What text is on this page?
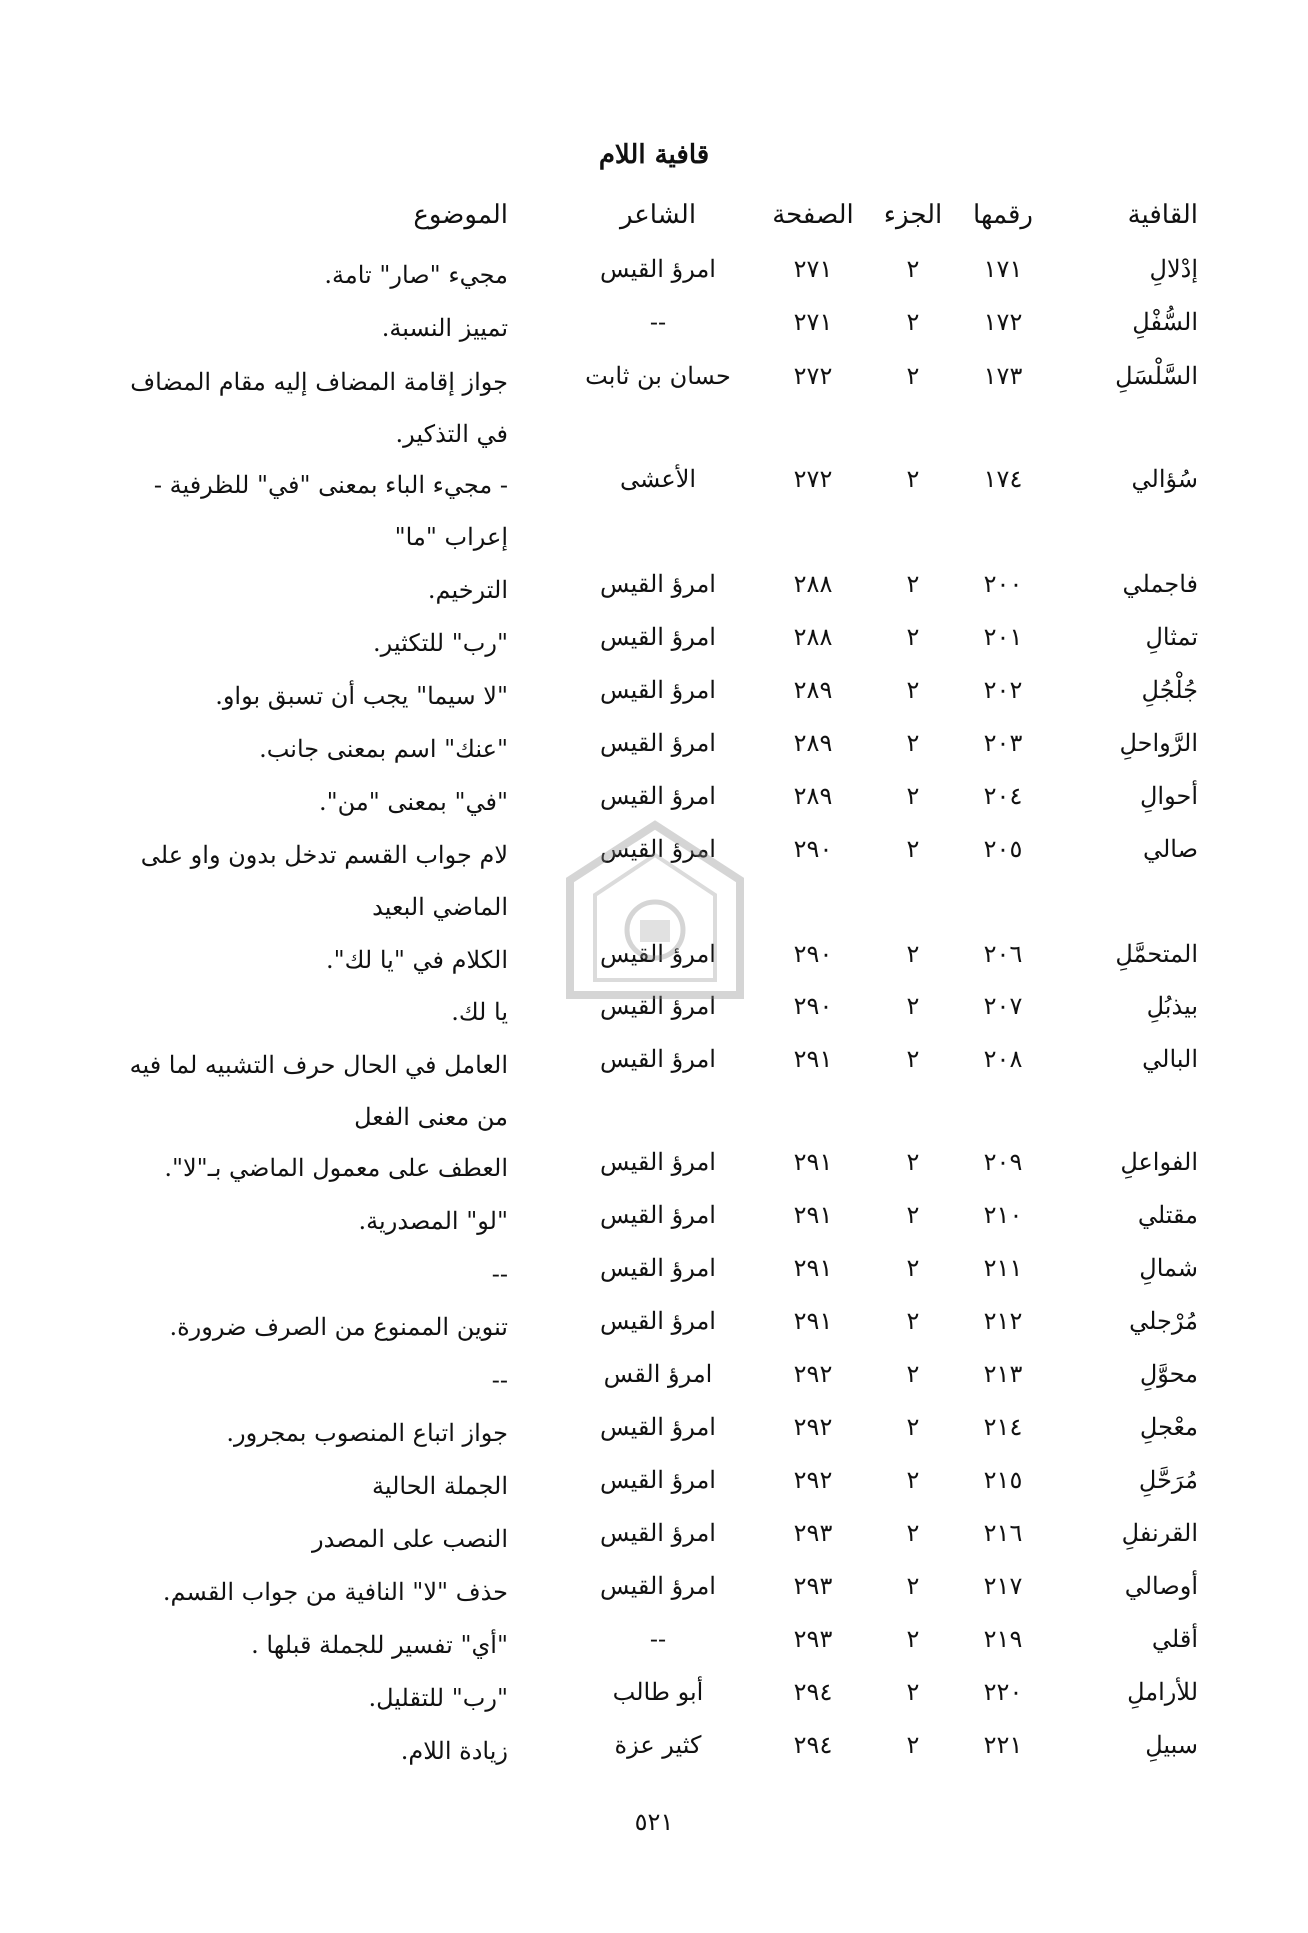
قافية اللام
القافية
رقمها
الجزء
الصفحة
الشاعر
الموضوع
إدْلالِ
١٧١
٢
٢٧١
امرؤ القيس
مجيء "صار" تامة.
السُّفْلِ
١٧٢
٢
٢٧١
--
تمييز النسبة.
السَّلْسَلِ
١٧٣
٢
٢٧٢
حسان بن ثابت
جواز إقامة المضاف إليه مقام المضاف في التذكير.
سُؤالي
١٧٤
٢
٢٧٢
الأعشى
- مجيء الباء بمعنى "في" للظرفية - إعراب "ما"
فاجملي
٢٠٠
٢
٢٨٨
امرؤ القيس
الترخيم.
تمثالِ
٢٠١
٢
٢٨٨
امرؤ القيس
"رب" للتكثير.
جُلْجُلِ
٢٠٢
٢
٢٨٩
امرؤ القيس
"لا سيما" يجب أن تسبق بواو.
الرَّواحلِ
٢٠٣
٢
٢٨٩
امرؤ القيس
"عنك" اسم بمعنى جانب.
أحوالِ
٢٠٤
٢
٢٨٩
امرؤ القيس
"في" بمعنى "من".
صالي
٢٠٥
٢
٢٩٠
امرؤ القيس
لام جواب القسم تدخل بدون واو على الماضي البعيد
المتحمَّلِ
٢٠٦
٢
٢٩٠
امرؤ القيس
الكلام في "يا لك".
بيذبُلِ
٢٠٧
٢
٢٩٠
امرؤ القيس
يا لك.
البالي
٢٠٨
٢
٢٩١
امرؤ القيس
العامل في الحال حرف التشبيه لما فيه من معنى الفعل
الفواعلِ
٢٠٩
٢
٢٩١
امرؤ القيس
العطف على معمول الماضي بـ"لا".
مقتلي
٢١٠
٢
٢٩١
امرؤ القيس
"لو" المصدرية.
شمالِ
٢١١
٢
٢٩١
امرؤ القيس
--
مُرْجلي
٢١٢
٢
٢٩١
امرؤ القيس
تنوين الممنوع من الصرف ضرورة.
محوَّلِ
٢١٣
٢
٢٩٢
امرؤ القس
--
معْجلِ
٢١٤
٢
٢٩٢
امرؤ القيس
جواز اتباع المنصوب بمجرور.
مُرَحَّلِ
٢١٥
٢
٢٩٢
امرؤ القيس
الجملة الحالية
القرنفلِ
٢١٦
٢
٢٩٣
امرؤ القيس
النصب على المصدر
أوصالي
٢١٧
٢
٢٩٣
امرؤ القيس
حذف "لا" النافية من جواب القسم.
أقلي
٢١٩
٢
٢٩٣
--
"أي" تفسير للجملة قبلها .
للأراملِ
٢٢٠
٢
٢٩٤
أبو طالب
"رب" للتقليل.
سبيلِ
٢٢١
٢
٢٩٤
كثير عزة
زيادة اللام.
٥٢١
